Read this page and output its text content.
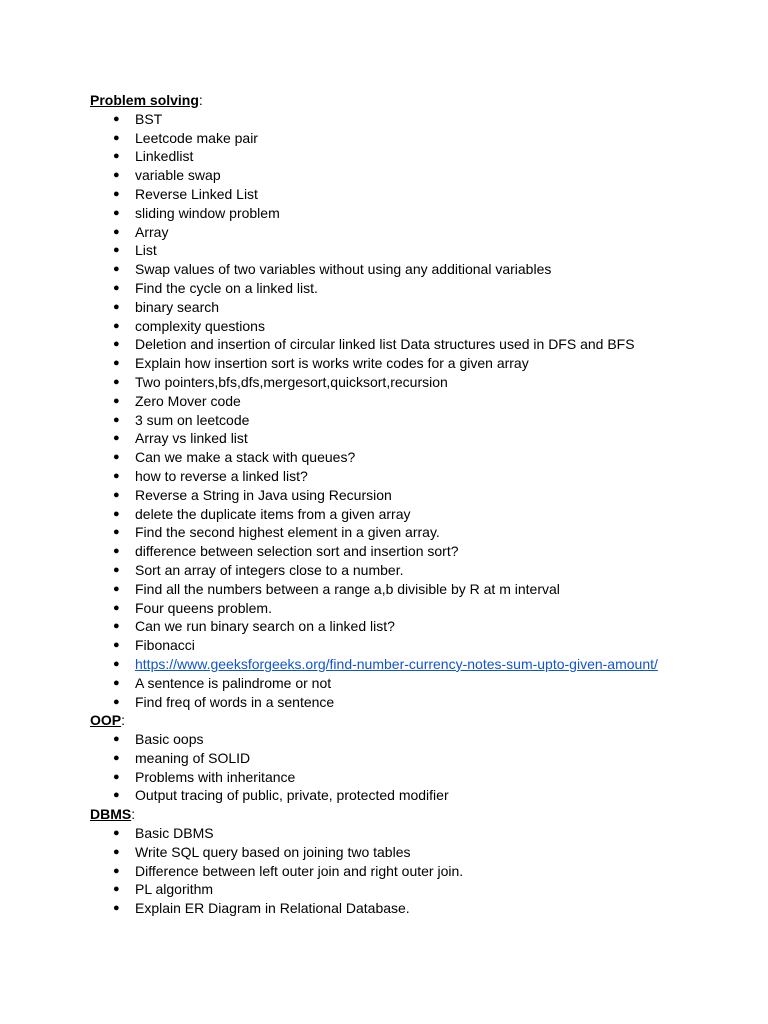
Problem solving:
● BST
● Leetcode make pair
● Linkedlist
● variable swap
● Reverse Linked List
● sliding window problem
● Array
● List
● Swap values of two variables without using any additional variables
● Find the cycle on a linked list.
● binary search
● complexity questions
● Deletion and insertion of circular linked list Data structures used in DFS and BFS
● Explain how insertion sort is works write codes for a given array
● Two pointers,bfs,dfs,mergesort,quicksort,recursion
● Zero Mover code
● 3 sum on leetcode
● Array vs linked list
● Can we make a stack with queues?
● how to reverse a linked list?
● Reverse a String in Java using Recursion
● delete the duplicate items from a given array
● Find the second highest element in a given array.
● difference between selection sort and insertion sort?
● Sort an array of integers close to a number.
● Find all the numbers between a range a,b divisible by R at m interval
● Four queens problem.
● Can we run binary search on a linked list?
● Fibonacci
● https://www.geeksforgeeks.org/find-number-currency-notes-sum-upto-given-amount/
● A sentence is palindrome or not
● Find freq of words in a sentence
OOP:
● Basic oops
● meaning of SOLID
● Problems with inheritance
● Output tracing of public, private, protected modifier
DBMS:
● Basic DBMS
● Write SQL query based on joining two tables
● Difference between left outer join and right outer join.
● PL algorithm
● Explain ER Diagram in Relational Database.
